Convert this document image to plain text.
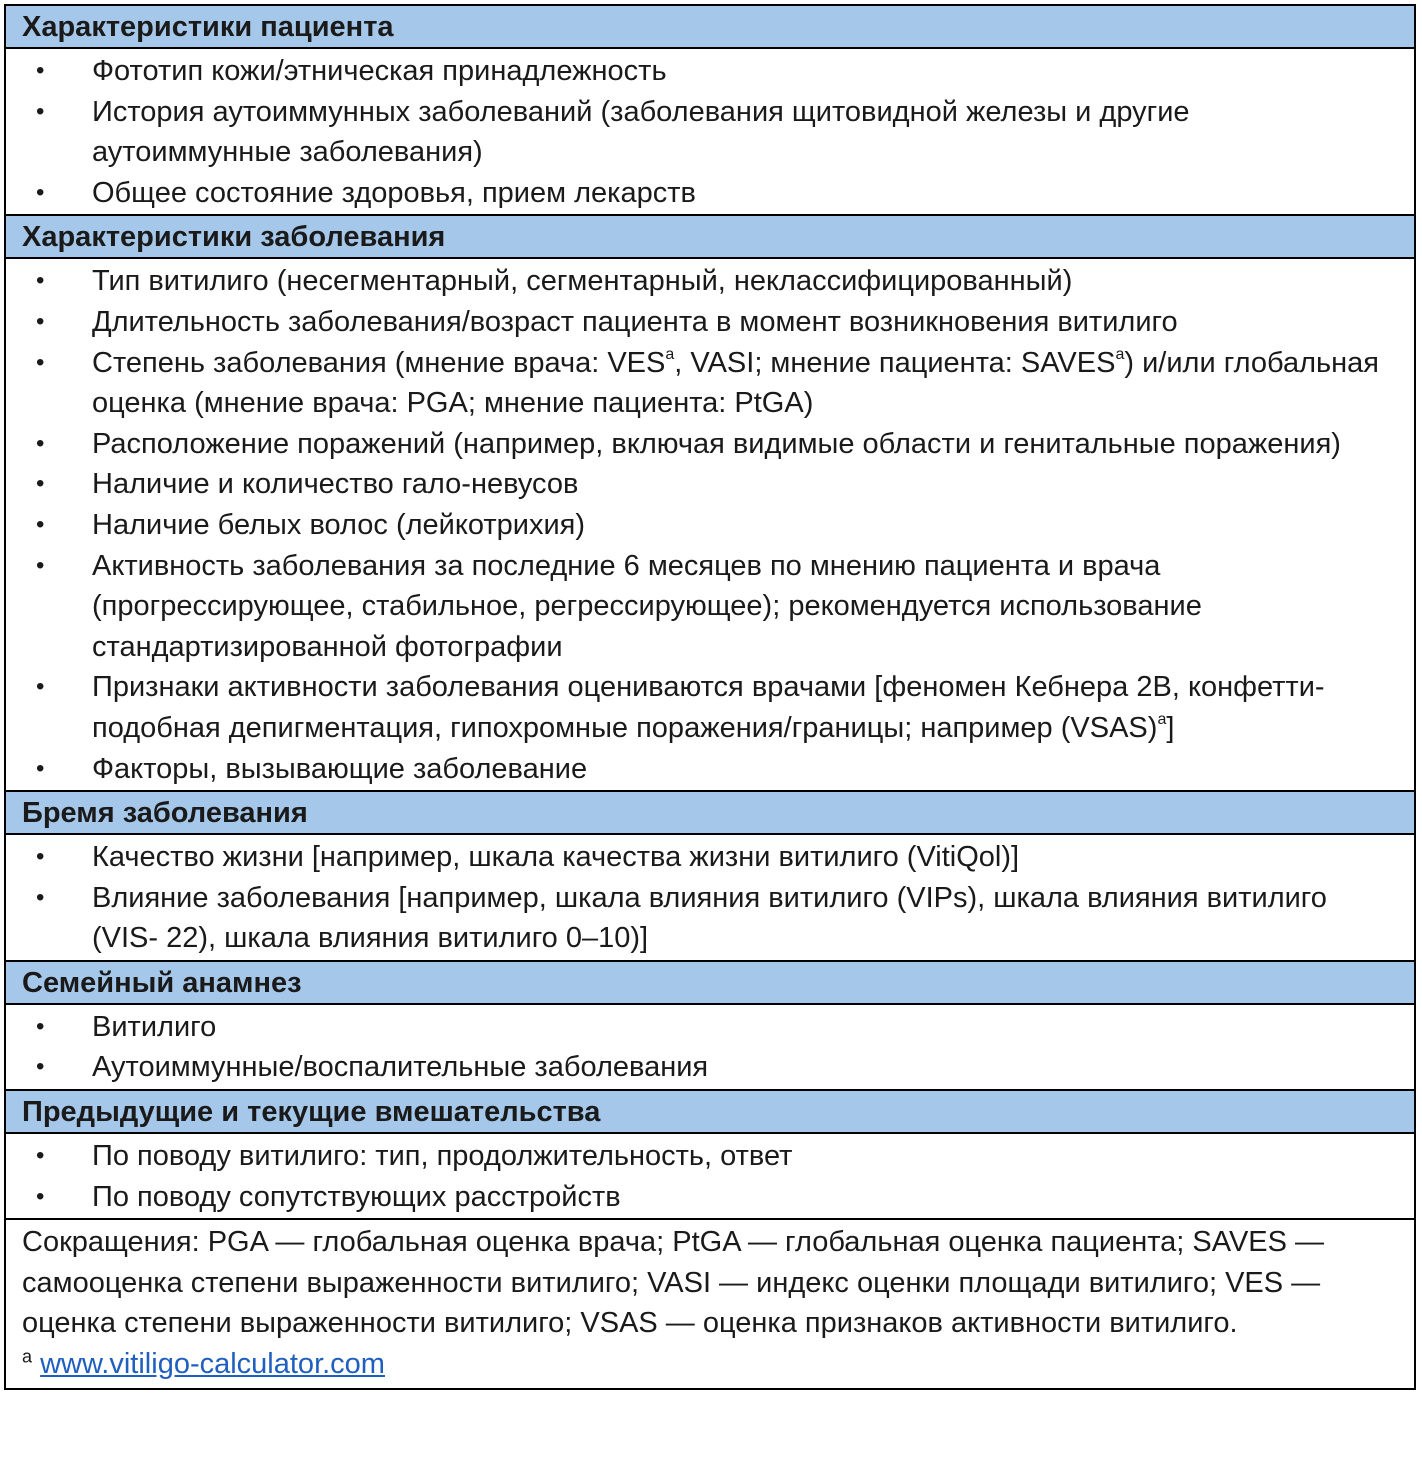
Характеристики пациента
• Фототип кожи/этническая принадлежность
• История аутоиммунных заболеваний (заболевания щитовидной железы и другие аутоиммунные заболевания)
• Общее состояние здоровья, прием лекарств
Характеристики заболевания
• Тип витилиго (несегментарный, сегментарный, неклассифицированный)
• Длительность заболевания/возраст пациента в момент возникновения витилиго
• Степень заболевания (мнение врача: VES$^a$, VASI; мнение пациента: SAVES$^a$) и/или глобальная оценка (мнение врача: PGA; мнение пациента: PtGA)
• Расположение поражений (например, включая видимые области и генитальные поражения)
• Наличие и количество гало-невусов
• Наличие белых волос (лейкотрихия)
• Активность заболевания за последние 6 месяцев по мнению пациента и врача (прогрессирующее, стабильное, регрессирующее); рекомендуется использование стандартизированной фотографии
• Признаки активности заболевания оцениваются врачами [феномен Кебнера 2B, конфетти-подобная депигментация, гипохромные поражения/границы; например (VSAS)$^a$]
• Факторы, вызывающие заболевание
Бремя заболевания
• Качество жизни [например, шкала качества жизни витилиго (VitiQol)]
• Влияние заболевания [например, шкала влияния витилиго (VIPs), шкала влияния витилиго (VIS- 22), шкала влияния витилиго 0–10)]
Семейный анамнез
• Витилиго
• Аутоиммунные/воспалительные заболевания
Предыдущие и текущие вмешательства
• По поводу витилиго: тип, продолжительность, ответ
• По поводу сопутствующих расстройств
Сокращения: PGA — глобальная оценка врача; PtGA — глобальная оценка пациента; SAVES — самооценка степени выраженности витилиго; VASI — индекс оценки площади витилиго; VES — оценка степени выраженности витилиго; VSAS — оценка признаков активности витилиго.
$^a$ www.vitiligo-calculator.com
